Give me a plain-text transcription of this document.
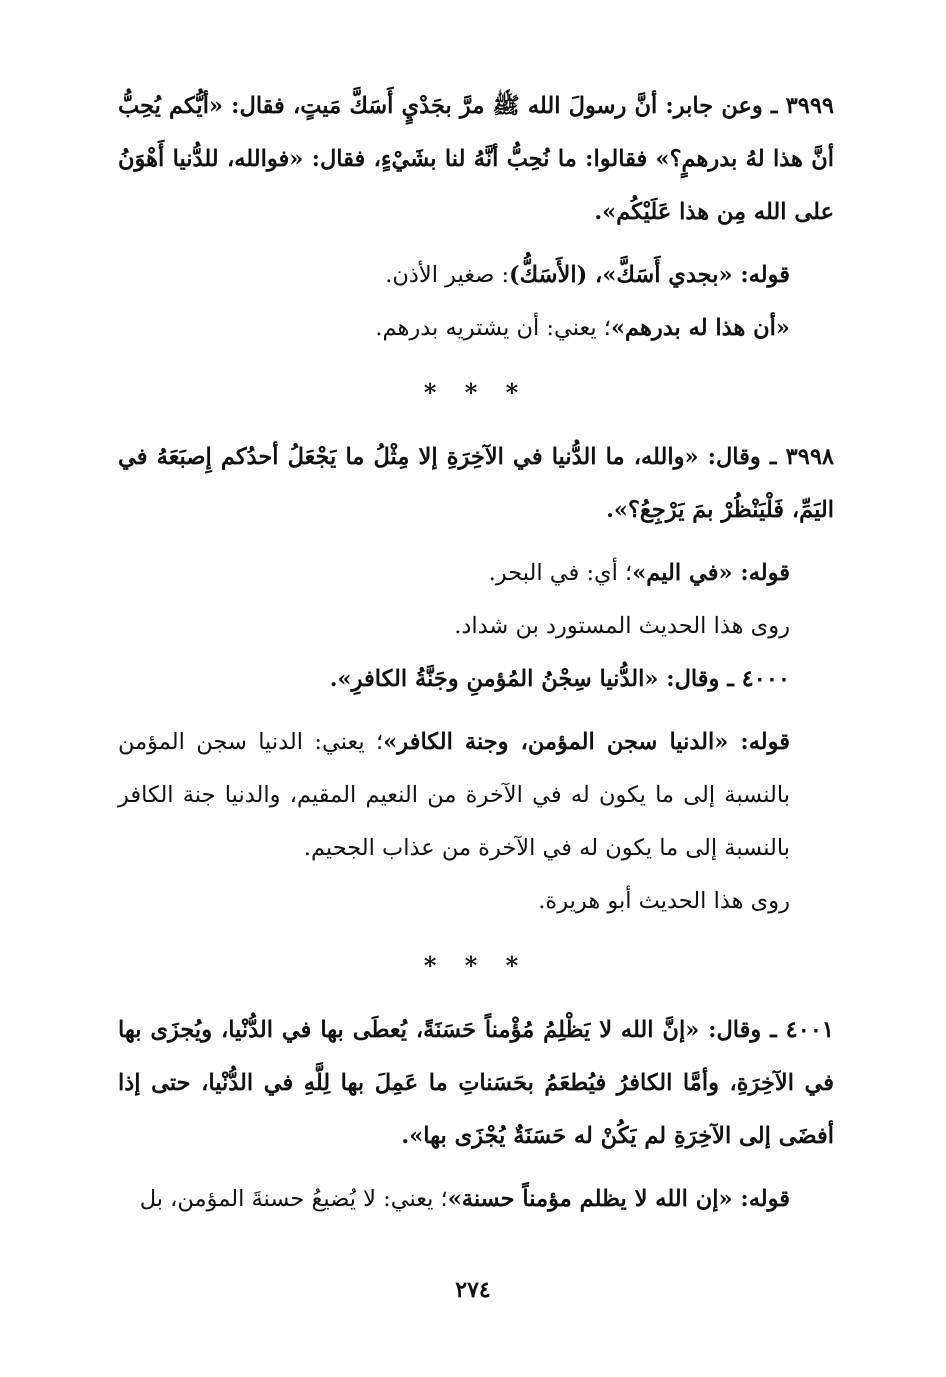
٣٩٩٩ ـ وعن جابر: أنَّ رسولَ الله ﷺ مرَّ بجَدْيٍ أَسَكَّ مَيتٍ، فقال: «أيُّكم يُحِبُّ أنَّ هذا لهُ بدرهمٍ؟» فقالوا: ما نُحِبُّ أنَّهُ لنا بشَيْءٍ، فقال: «فوالله، للدُّنيا أَهْوَنُ على الله مِن هذا عَلَيْكُم».

قوله: «بجدي أَسَكَّ»، (الأَسَكُّ): صغير الأذن.

«أن هذا له بدرهم»؛ يعني: أن يشتريه بدرهم.

* * *

٣٩٩٨ ـ وقال: «والله، ما الدُّنيا في الآخِرَةِ إلا مِثْلُ ما يَجْعَلُ أحدُكم إِصبَعَهُ في اليَمِّ، فَلْيَنْظُرْ بمَ يَرْجِعُ؟».

قوله: «في اليم»؛ أي: في البحر.

روى هذا الحديث المستورد بن شداد.

٤٠٠٠ ـ وقال: «الدُّنيا سِجْنُ المُؤمنِ وجَنَّةُ الكافرِ».

قوله: «الدنيا سجن المؤمن، وجنة الكافر»؛ يعني: الدنيا سجن المؤمن بالنسبة إلى ما يكون له في الآخرة من النعيم المقيم، والدنيا جنة الكافر بالنسبة إلى ما يكون له في الآخرة من عذاب الجحيم.

روى هذا الحديث أبو هريرة.

* * *

٤٠٠١ ـ وقال: «إنَّ الله لا يَظْلِمُ مُؤْمناً حَسَنَةً، يُعطَى بها في الدُّنْيا، ويُجزَى بها في الآخِرَةِ، وأمَّا الكافرُ فيُطعَمُ بحَسَناتِ ما عَمِلَ بها لِلَّهِ في الدُّنْيا، حتى إذا أفضَى إلى الآخِرَةِ لم يَكُنْ له حَسَنَةٌ يُجْزَى بها».

قوله: «إن الله لا يظلم مؤمناً حسنة»؛ يعني: لا يُضيعُ حسنةَ المؤمن، بل

٢٧٤
